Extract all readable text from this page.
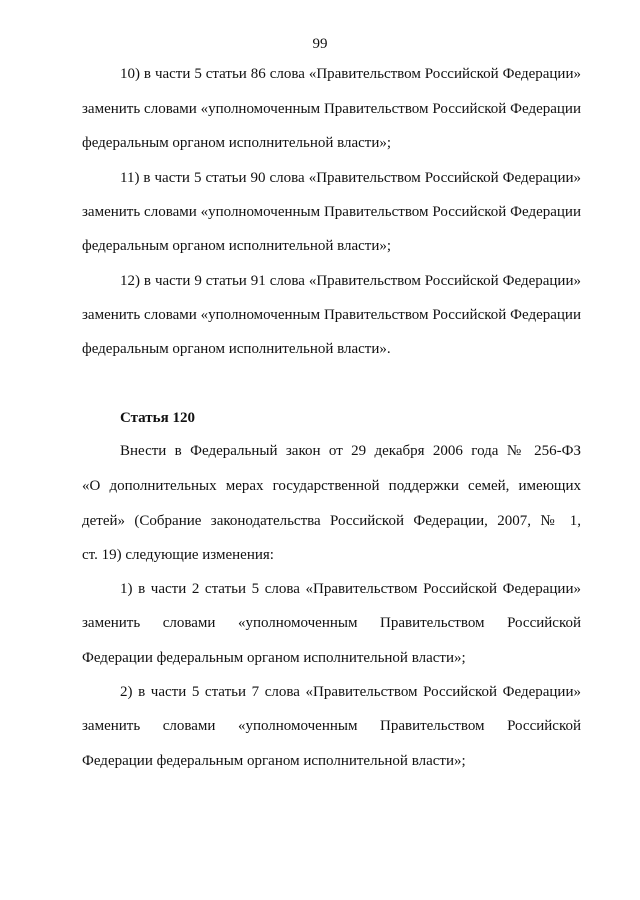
99
10) в части 5 статьи 86 слова «Правительством Российской Федерации»
заменить словами «уполномоченным Правительством Российской Федерации
федеральным органом исполнительной власти»;
11) в части 5 статьи 90 слова «Правительством Российской Федерации»
заменить словами «уполномоченным Правительством Российской Федерации
федеральным органом исполнительной власти»;
12) в части 9 статьи 91 слова «Правительством Российской Федерации»
заменить словами «уполномоченным Правительством Российской Федерации
федеральным органом исполнительной власти».
Статья 120
Внести в Федеральный закон от 29 декабря 2006 года № 256-ФЗ
«О дополнительных мерах государственной поддержки семей, имеющих
детей» (Собрание законодательства Российской Федерации, 2007, № 1,
ст. 19) следующие изменения:
1) в части 2 статьи 5 слова «Правительством Российской Федерации»
заменить словами «уполномоченным Правительством Российской
Федерации федеральным органом исполнительной власти»;
2) в части 5 статьи 7 слова «Правительством Российской Федерации»
заменить словами «уполномоченным Правительством Российской
Федерации федеральным органом исполнительной власти»;
